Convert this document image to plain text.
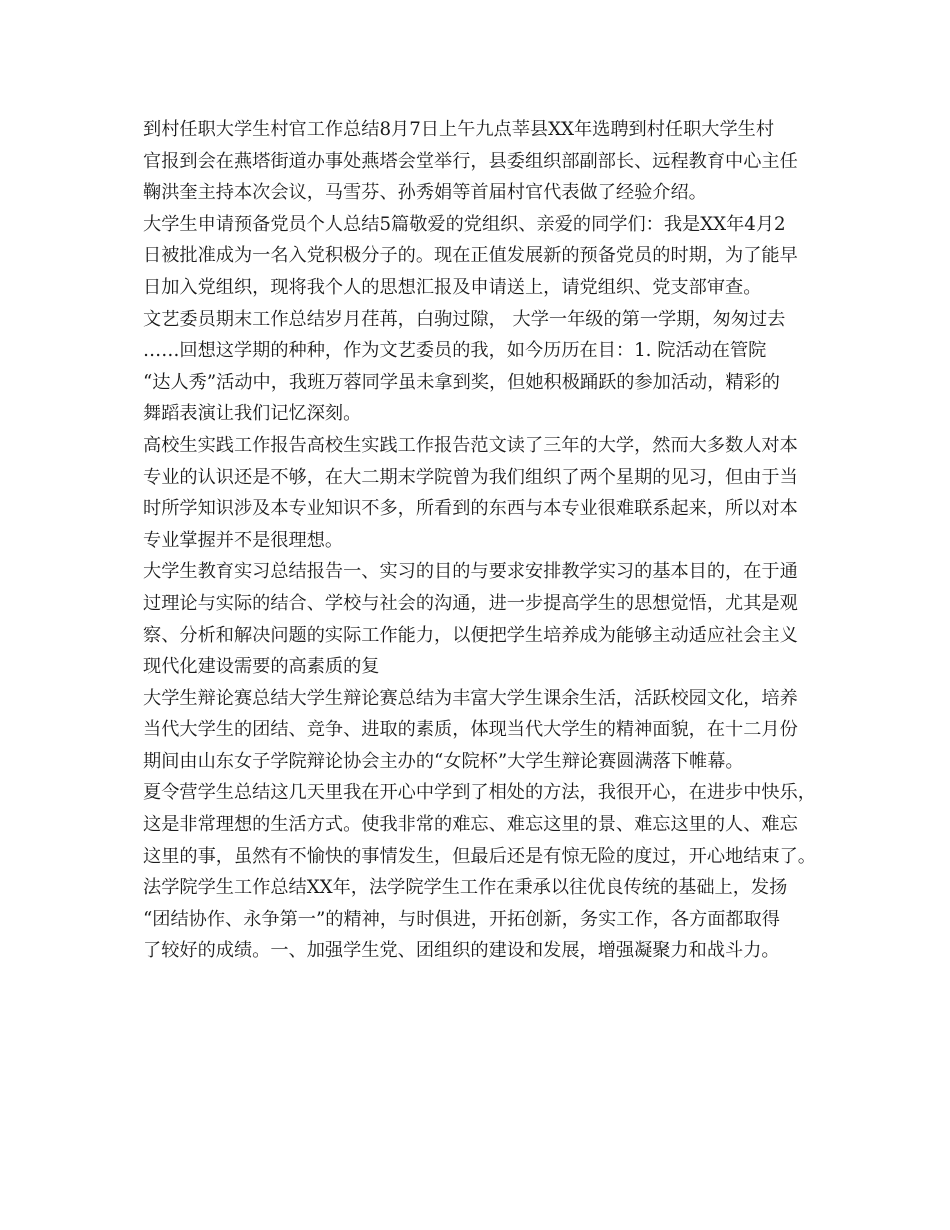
到村任职大学生村官工作总结8月7日上午九点莘县XX年选聘到村任职大学生村
官报到会在燕塔街道办事处燕塔会堂举行，县委组织部副部长、远程教育中心主任
鞠洪奎主持本次会议，马雪芬、孙秀娟等首届村官代表做了经验介绍。

大学生申请预备党员个人总结5篇敬爱的党组织、亲爱的同学们：我是XX年4月2
日被批准成为一名入党积极分子的。现在正值发展新的预备党员的时期，为了能早
日加入党组织，现将我个人的思想汇报及申请送上，请党组织、党支部审查。

文艺委员期末工作总结岁月荏苒，白驹过隙， 大学一年级的第一学期，匆匆过去
……回想这学期的种种，作为文艺委员的我，如今历历在目：1. 院活动在管院
“达人秀”活动中，我班万蓉同学虽未拿到奖，但她积极踊跃的参加活动，精彩的
舞蹈表演让我们记忆深刻。

高校生实践工作报告高校生实践工作报告范文读了三年的大学，然而大多数人对本
专业的认识还是不够，在大二期末学院曾为我们组织了两个星期的见习，但由于当
时所学知识涉及本专业知识不多，所看到的东西与本专业很难联系起来，所以对本
专业掌握并不是很理想。

大学生教育实习总结报告一、实习的目的与要求安排教学实习的基本目的，在于通
过理论与实际的结合、学校与社会的沟通，进一步提高学生的思想觉悟，尤其是观
察、分析和解决问题的实际工作能力，以便把学生培养成为能够主动适应社会主义
现代化建设需要的高素质的复

大学生辩论赛总结大学生辩论赛总结为丰富大学生课余生活，活跃校园文化，培养
当代大学生的团结、竞争、进取的素质，体现当代大学生的精神面貌，在十二月份
期间由山东女子学院辩论协会主办的“女院杯”大学生辩论赛圆满落下帷幕。

夏令营学生总结这几天里我在开心中学到了相处的方法，我很开心，在进步中快乐，
这是非常理想的生活方式。使我非常的难忘、难忘这里的景、难忘这里的人、难忘
这里的事，虽然有不愉快的事情发生，但最后还是有惊无险的度过，开心地结束了。

法学院学生工作总结XX年，法学院学生工作在秉承以往优良传统的基础上，发扬
“团结协作、永争第一”的精神，与时俱进，开拓创新，务实工作，各方面都取得
了较好的成绩。一、加强学生党、团组织的建设和发展，增强凝聚力和战斗力。
